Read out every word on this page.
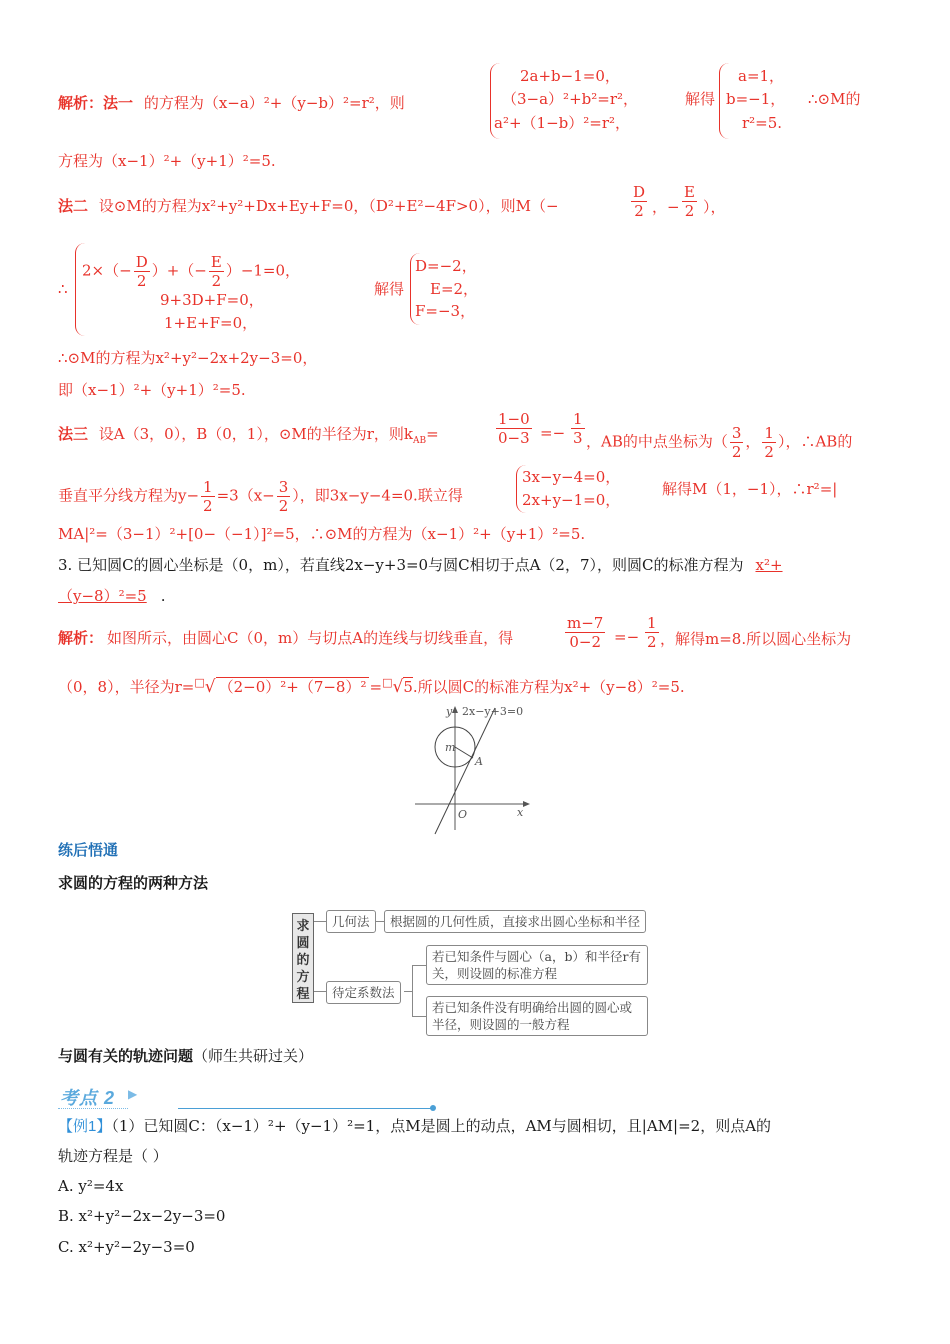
解析：法一 的方程为（x−a）²+（y−b）²=r²，则
2a+b−1=0，
（3−a）²+b²=r²，
a²+（1−b）²=r²，
解得
a=1，
b=−1，
r²=5.
∴⊙M的
方程为（x−1）²+（y+1）²=5.
法二 设⊙M的方程为x²+y²+Dx+Ey+F=0，（D²+E²−4F>0），则M（−	$\frac{D}{2}$ ，− $\frac{E}{2}$ ），
∴
$2\times(- \frac{D}{2}$ ）+（− $\frac{E}{2} )-1=0$，
9+3D+F=0，
1+E+F=0，
解得
D=−2，
E=2，
F=−3，
∴⊙M的方程为x²+y²−2x+2y−3=0，
即（x−1）²+（y+1）²=5.
法三 设A（3，0），B（0，1），⊙M的半径为r，则$k_{AB}=$	$\frac{1-0}{0-3} =- \frac{1}{3}$ ，AB的中点坐标为（ $\frac{3}{2}$ ， $\frac{1}{2}$ ），∴AB的
垂直平分线方程为$y- \frac{1}{2} =3(x- \frac{3}{2}$ ），即3x−y−4=0.联立得
3x−y−4=0，
2x+y−1=0，
解得M（1，−1），∴r²=|
MA|²=（3−1）²+[0−（−1）]²=5，∴⊙M的方程为（x−1）²+（y+1）²=5.
3. 已知圆C的圆心坐标是（0，m），若直线2x−y+3=0与圆C相切于点A（2，7），则圆C的标准方程为 x²+
（y−8）²=5 .
解析： 如图所示，由圆心C（0，m）与切点A的连线与切线垂直，得	$\frac{m-7}{0-2} =- \frac{1}{2}$ ，解得m=8.所以圆心坐标为
（0，8），半径为r=□√ （2−0）²+（7−8）² =□√5.所以圆C的标准方程为x²+（y−8）²=5.
y 2x−y+3=0
m
A
O	x
练后悟通
求圆的方程的两种方法
求圆的方程
几何法	根据圆的几何性质，直接求出圆心坐标和半径
待定系数法
若已知条件与圆心（a，b）和半径r有关，则设圆的标准方程
若已知条件没有明确给出圆的圆心或半径，则设圆的一般方程
与圆有关的轨迹问题（师生共研过关）
考点 2 ▶
【例1】（1）已知圆C：（x−1）²+（y−1）²=1，点M是圆上的动点，AM与圆相切，且|AM|=2，则点A的
轨迹方程是（ ）
A. y²=4x
B. x²+y²−2x−2y−3=0
C. x²+y²−2y−3=0
